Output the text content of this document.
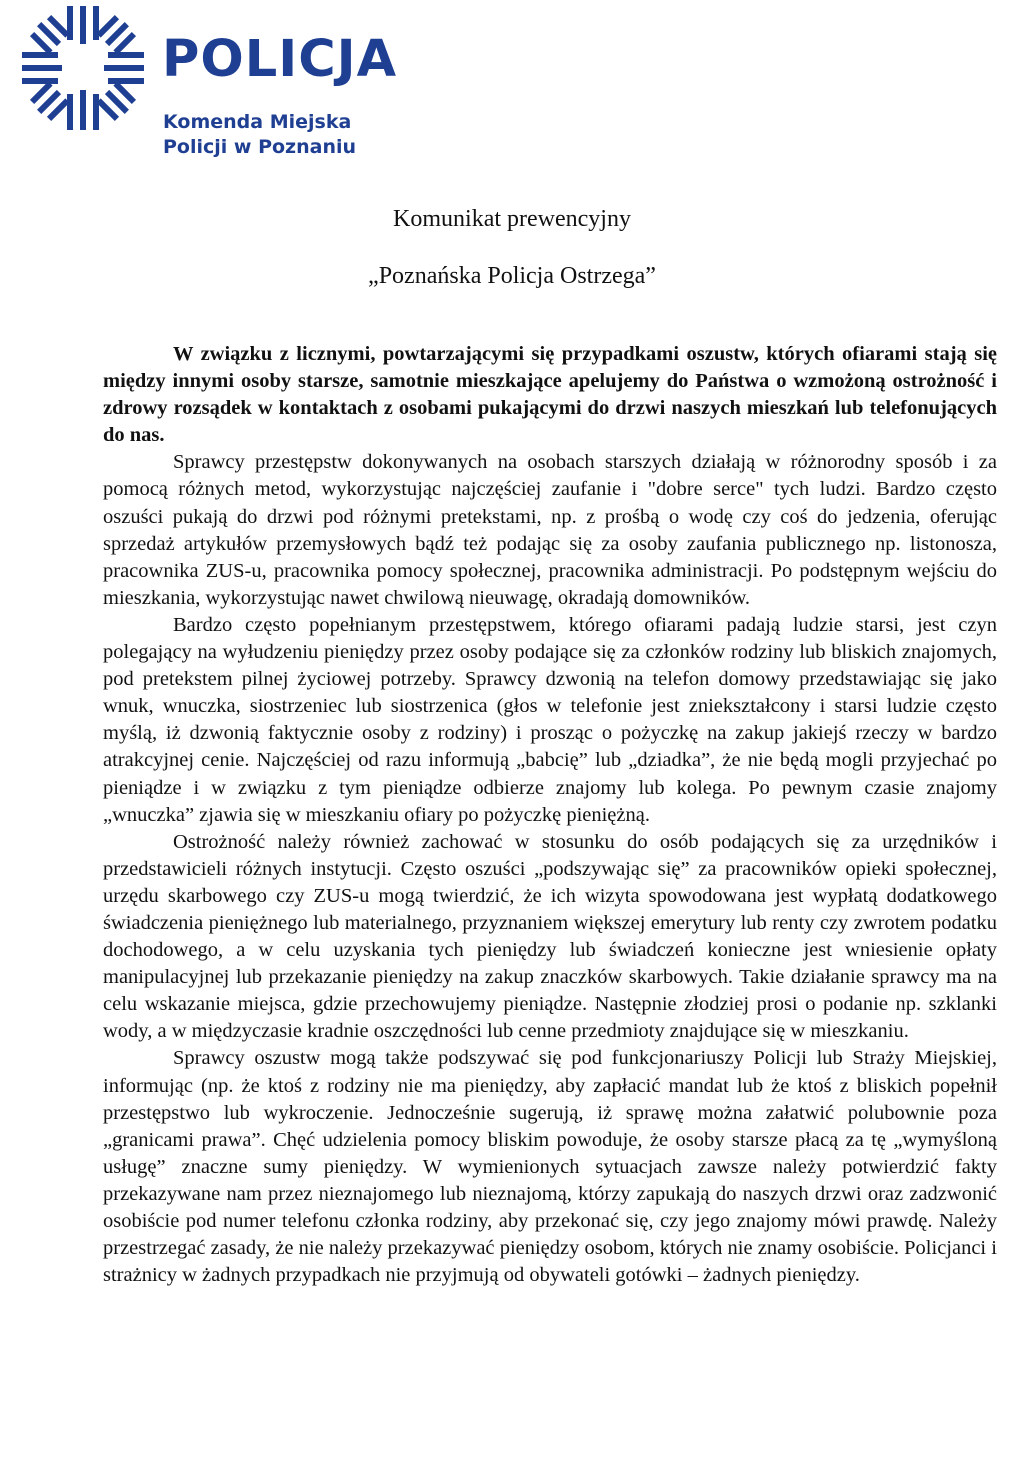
POLICJA
Komenda Miejska
Policji w Poznaniu
Komunikat prewencyjny
„Poznańska Policja Ostrzega”

W związku z licznymi, powtarzającymi się przypadkami oszustw, których ofiarami stają się między innymi osoby starsze, samotnie mieszkające apelujemy do Państwa o wzmożoną ostrożność i zdrowy rozsądek w kontaktach z osobami pukającymi do drzwi naszych mieszkań lub telefonujących do nas.

Sprawcy przestępstw dokonywanych na osobach starszych działają w różnorodny sposób i za pomocą różnych metod, wykorzystując najczęściej zaufanie i "dobre serce" tych ludzi. Bardzo często oszuści pukają do drzwi pod różnymi pretekstami, np. z prośbą o wodę czy coś do jedzenia, oferując sprzedaż artykułów przemysłowych bądź też podając się za osoby zaufania publicznego np. listonosza, pracownika ZUS-u, pracownika pomocy społecznej, pracownika administracji. Po podstępnym wejściu do mieszkania, wykorzystując nawet chwilową nieuwagę, okradają domowników.

Bardzo często popełnianym przestępstwem, którego ofiarami padają ludzie starsi, jest czyn polegający na wyłudzeniu pieniędzy przez osoby podające się za członków rodziny lub bliskich znajomych, pod pretekstem pilnej życiowej potrzeby. Sprawcy dzwonią na telefon domowy przedstawiając się jako wnuk, wnuczka, siostrzeniec lub siostrzenica (głos w telefonie jest zniekształcony i starsi ludzie często myślą, iż dzwonią faktycznie osoby z rodziny) i prosząc o pożyczkę na zakup jakiejś rzeczy w bardzo atrakcyjnej cenie. Najczęściej od razu informują „babcię” lub „dziadka”, że nie będą mogli przyjechać po pieniądze i w związku z tym pieniądze odbierze znajomy lub kolega. Po pewnym czasie znajomy „wnuczka” zjawia się w mieszkaniu ofiary po pożyczkę pieniężną.

Ostrożność należy również zachować w stosunku do osób podających się za urzędników i przedstawicieli różnych instytucji. Często oszuści „podszywając się” za pracowników opieki społecznej, urzędu skarbowego czy ZUS-u mogą twierdzić, że ich wizyta spowodowana jest wypłatą dodatkowego świadczenia pieniężnego lub materialnego, przyznaniem większej emerytury lub renty czy zwrotem podatku dochodowego, a w celu uzyskania tych pieniędzy lub świadczeń konieczne jest wniesienie opłaty manipulacyjnej lub przekazanie pieniędzy na zakup znaczków skarbowych. Takie działanie sprawcy ma na celu wskazanie miejsca, gdzie przechowujemy pieniądze. Następnie złodziej prosi o podanie np. szklanki wody, a w międzyczasie kradnie oszczędności lub cenne przedmioty znajdujące się w mieszkaniu.

Sprawcy oszustw mogą także podszywać się pod funkcjonariuszy Policji lub Straży Miejskiej, informując (np. że ktoś z rodziny nie ma pieniędzy, aby zapłacić mandat lub że ktoś z bliskich popełnił przestępstwo lub wykroczenie. Jednocześnie sugerują, iż sprawę można załatwić polubownie poza „granicami prawa”. Chęć udzielenia pomocy bliskim powoduje, że osoby starsze płacą za tę „wymyśloną usługę” znaczne sumy pieniędzy. W wymienionych sytuacjach zawsze należy potwierdzić fakty przekazywane nam przez nieznajomego lub nieznajomą, którzy zapukają do naszych drzwi oraz zadzwonić osobiście pod numer telefonu członka rodziny, aby przekonać się, czy jego znajomy mówi prawdę. Należy przestrzegać zasady, że nie należy przekazywać pieniędzy osobom, których nie znamy osobiście. Policjanci i strażnicy w żadnych przypadkach nie przyjmują od obywateli gotówki – żadnych pieniędzy.
